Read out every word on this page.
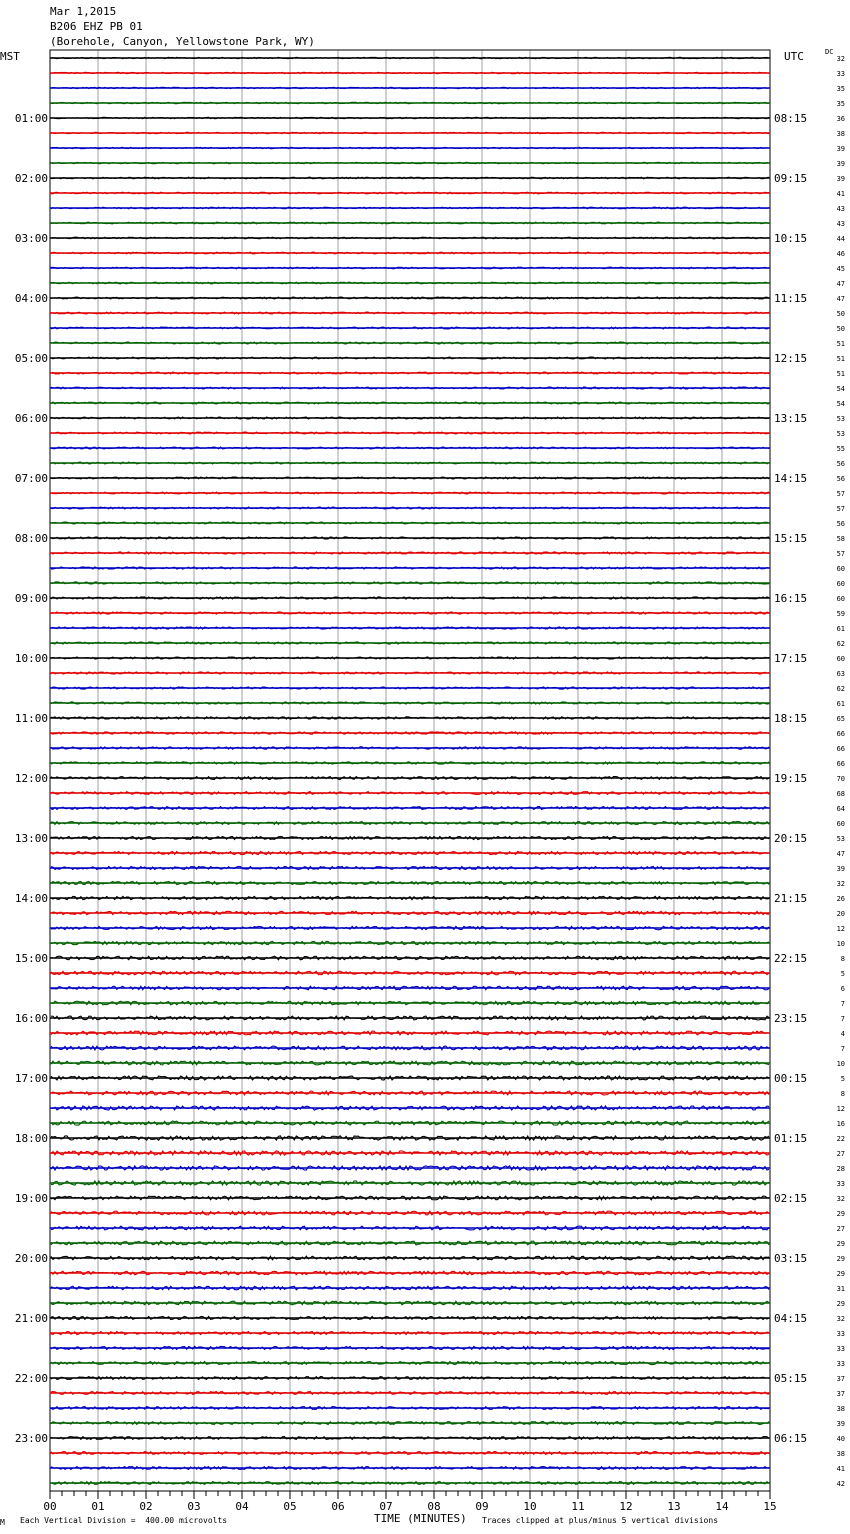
Mar 1,2015
B206 EHZ PB 01
(Borehole, Canyon, Yellowstone Park, WY)
MST	UTC	DC
32
33
35
35
36
38
39
39
39
41
43
43
44
46
45
47
47
50
50
51
51
51
54
54
53
53
55
56
56
57
57
56
58
57
60
60
60
59
61
62
60
63
62
61
65
66
66
66
70
68
64
60
53
47
39
32
26
20
12
10
8
5
6
7
7
4
7
10
5
8
12
16
22
27
28
33
32
29
27
29
29
29
31
29
32
33
33
33
37
37
38
39
40
38
41
42
01:00
02:00
03:00
04:00
05:00
06:00
07:00
08:00
09:00
10:00
11:00
12:00
13:00
14:00
15:00
16:00
17:00
18:00
19:00
20:00
21:00
22:00
23:00
08:15
09:15
10:15
11:15
12:15
13:15
14:15
15:15
16:15
17:15
18:15
19:15
20:15
21:15
22:15
23:15
00:15
01:15
02:15
03:15
04:15
05:15
06:15
00	01	02	03	04	05	06	07	08	09	10	11	12	13	14	15
M Each Vertical Division =  400.00 microvolts	TIME (MINUTES) Traces clipped at plus/minus 5 vertical divisions
